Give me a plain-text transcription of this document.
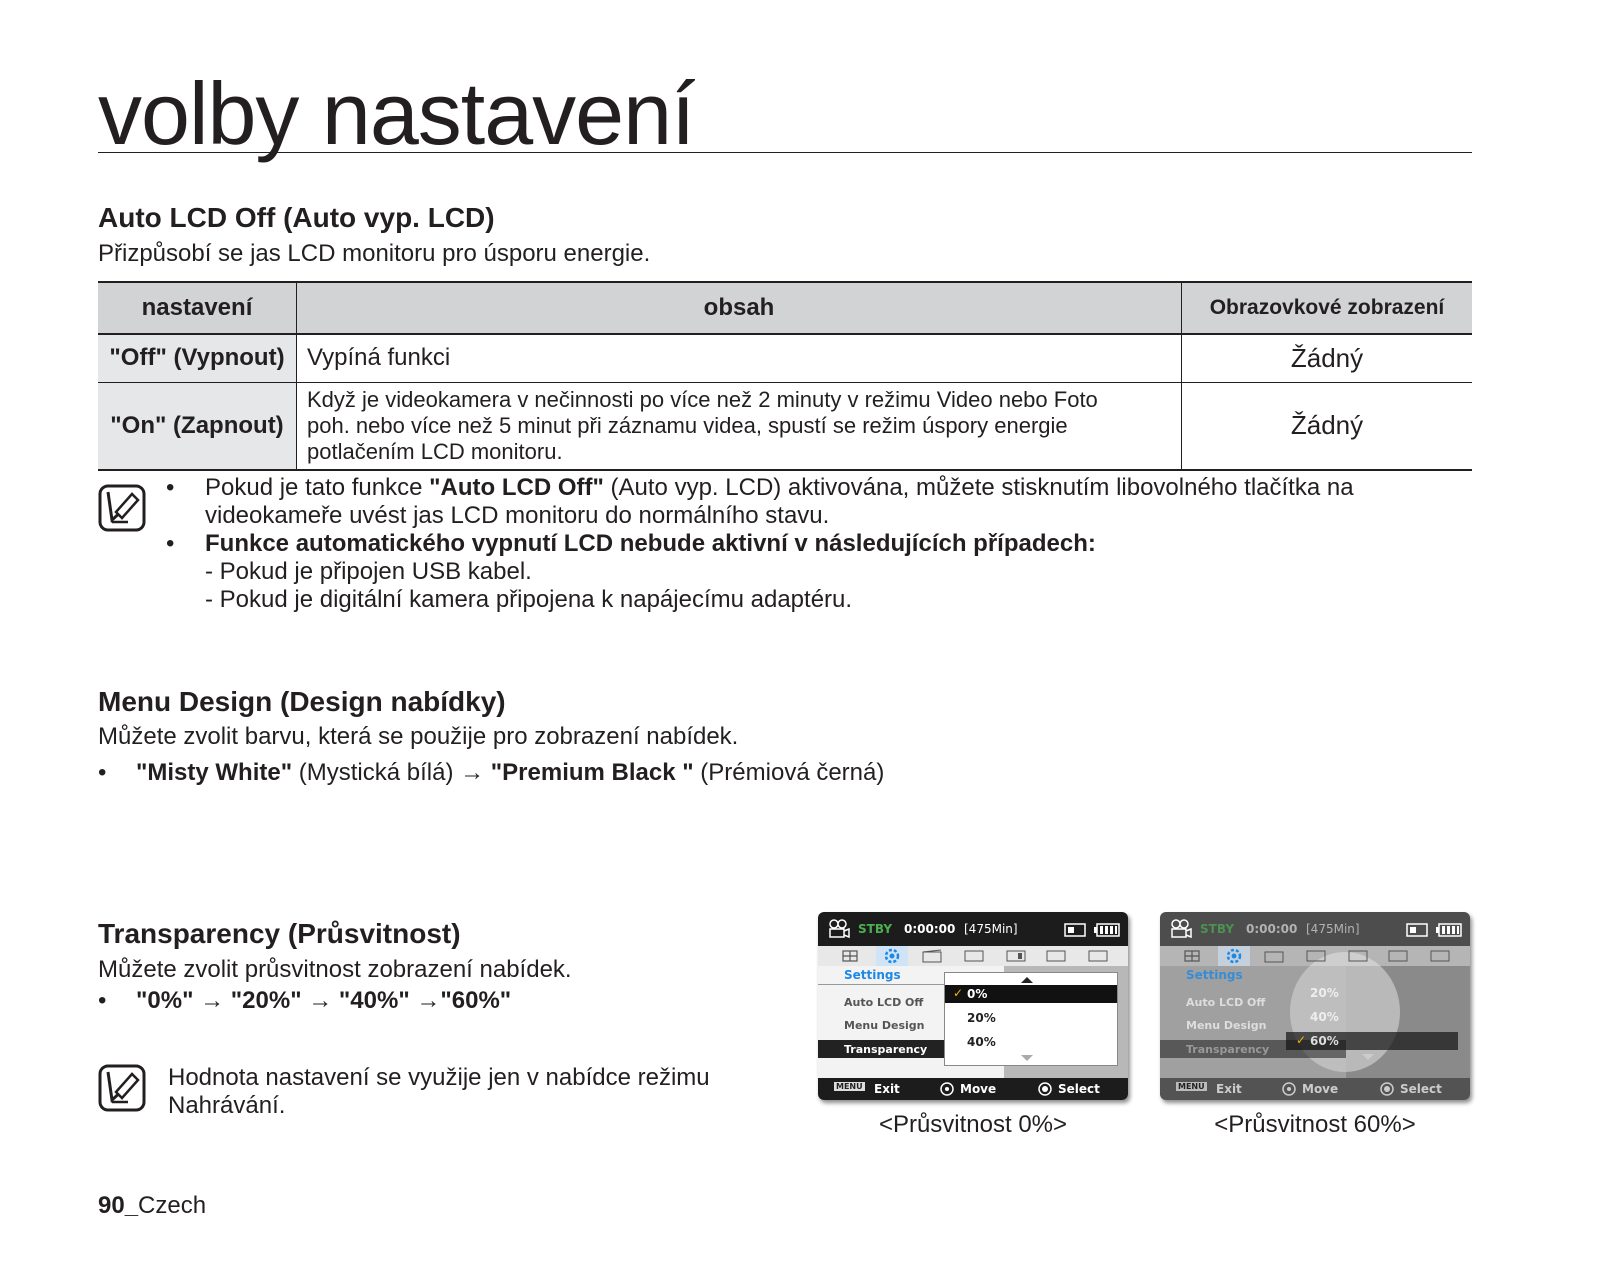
volby nastavení
Auto LCD Off (Auto vyp. LCD)
Přizpůsobí se jas LCD monitoru pro úsporu energie.
nastavení	obsah	Obrazovkové zobrazení
"Off" (Vypnout)	Vypíná funkci	Žádný
"On" (Zapnout)	Když je videokamera v nečinnosti po více než 2 minuty v režimu Video nebo Foto
poh. nebo více než 5 minut při záznamu videa, spustí se režim úspory energie
potlačením LCD monitoru.	Žádný
• Pokud je tato funkce "Auto LCD Off" (Auto vyp. LCD) aktivována, můžete stisknutím libovolného tlačítka na
videokameře uvést jas LCD monitoru do normálního stavu.
• Funkce automatického vypnutí LCD nebude aktivní v následujících případech:
- Pokud je připojen USB kabel.
- Pokud je digitální kamera připojena k napájecímu adaptéru.
Menu Design (Design nabídky)
Můžete zvolit barvu, která se použije pro zobrazení nabídek.
• "Misty White" (Mystická bílá) → "Premium Black " (Prémiová černá)
Transparency (Průsvitnost)
Můžete zvolit průsvitnost zobrazení nabídek.
• "0%" → "20%" → "40%" →"60%"
Hodnota nastavení se využije jen v nabídce režimu
Nahrávání.
STBY 0:00:00 [475Min]
Settings
Auto LCD Off
Menu Design
Transparency
✓ 0%
20%
40%
MENU Exit	Move	Select
<Průsvitnost 0%>
STBY 0:00:00 [475Min]
Settings
Auto LCD Off
Menu Design
Transparency
20%
40%
✓ 60%
MENU Exit	Move	Select
<Průsvitnost 60%>
90_Czech
